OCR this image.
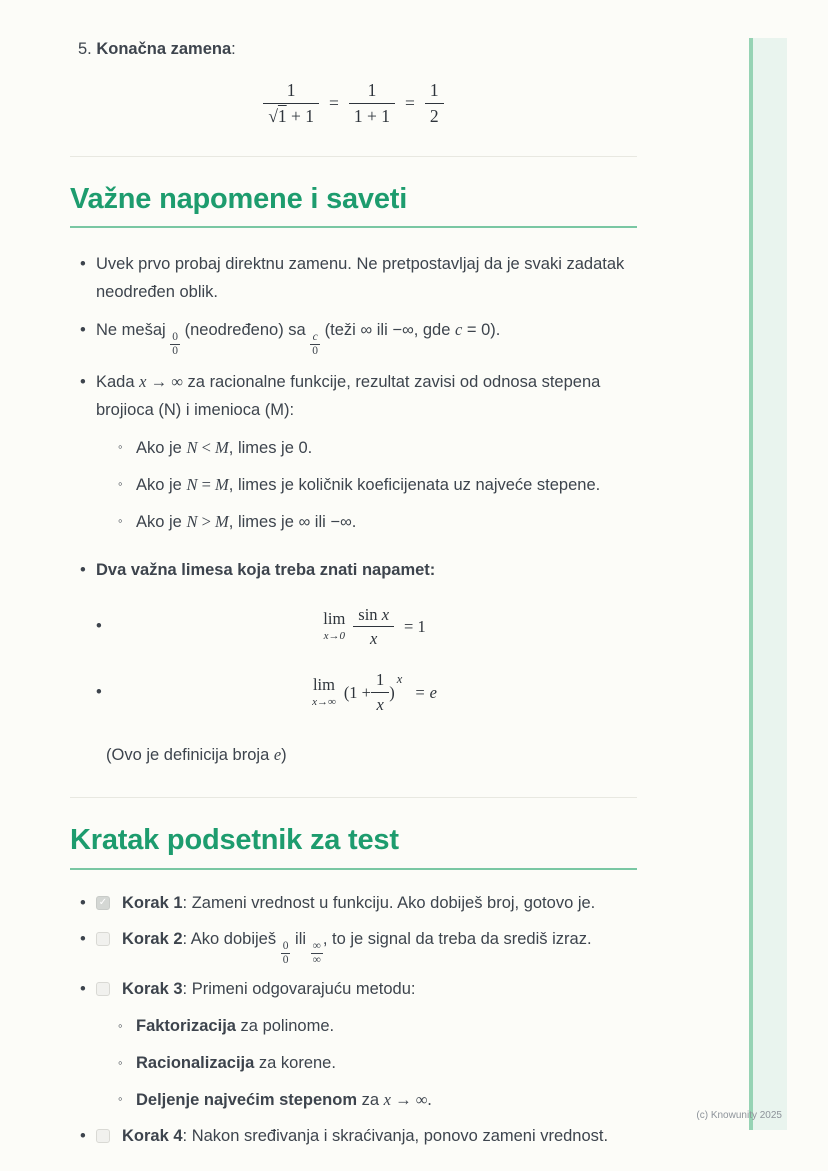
5. Konačna zamena:
$\frac{1}{√1 + 1} = \frac{1}{1 + 1} = \frac{1}{2}$
Važne napomene i saveti
• Uvek prvo probaj direktnu zamenu. Ne pretpostavljaj da je svaki zadatak neodređen oblik.
• Ne mešaj
$\frac{0}{0}$
(neodređeno) sa
$\frac{c}{0}$
(teži ∞ ili −∞, gde c = 0).
• Kada x → ∞ za racionalne funkcije, rezultat zavisi od odnosa stepena brojioca (N) i imenioca (M):
◦ Ako je N < M, limes je 0.
◦ Ako je N = M, limes je količnik koeficijenata uz najveće stepene.
◦ Ako je N > M, limes je ∞ ili −∞.
• Dva važna limesa koja treba znati napamet:
•	lim
$x\to 0 \frac{\text{sin x}}{x} = 1$
•	lim
x→∞ ($1 + \frac{1}{x}$ )
x
= e
(Ovo je definicija broja e)
Kratak podsetnik za test
•	✓ Korak 1: Zameni vrednost u funkciju. Ako dobiješ broj, gotovo je.
•	Korak 2: Ako dobiješ
$\frac{0}{0}$
ili ∞
∞
, to je signal da treba da središ izraz.
•	Korak 3: Primeni odgovarajuću metodu:
◦ Faktorizacija za polinome.
◦ Racionalizacija za korene.
◦ Deljenje najvećim stepenom za x → ∞.
•	Korak 4: Nakon sređivanja i skraćivanja, ponovo zameni vrednost.
(c) Knowunity 2025
